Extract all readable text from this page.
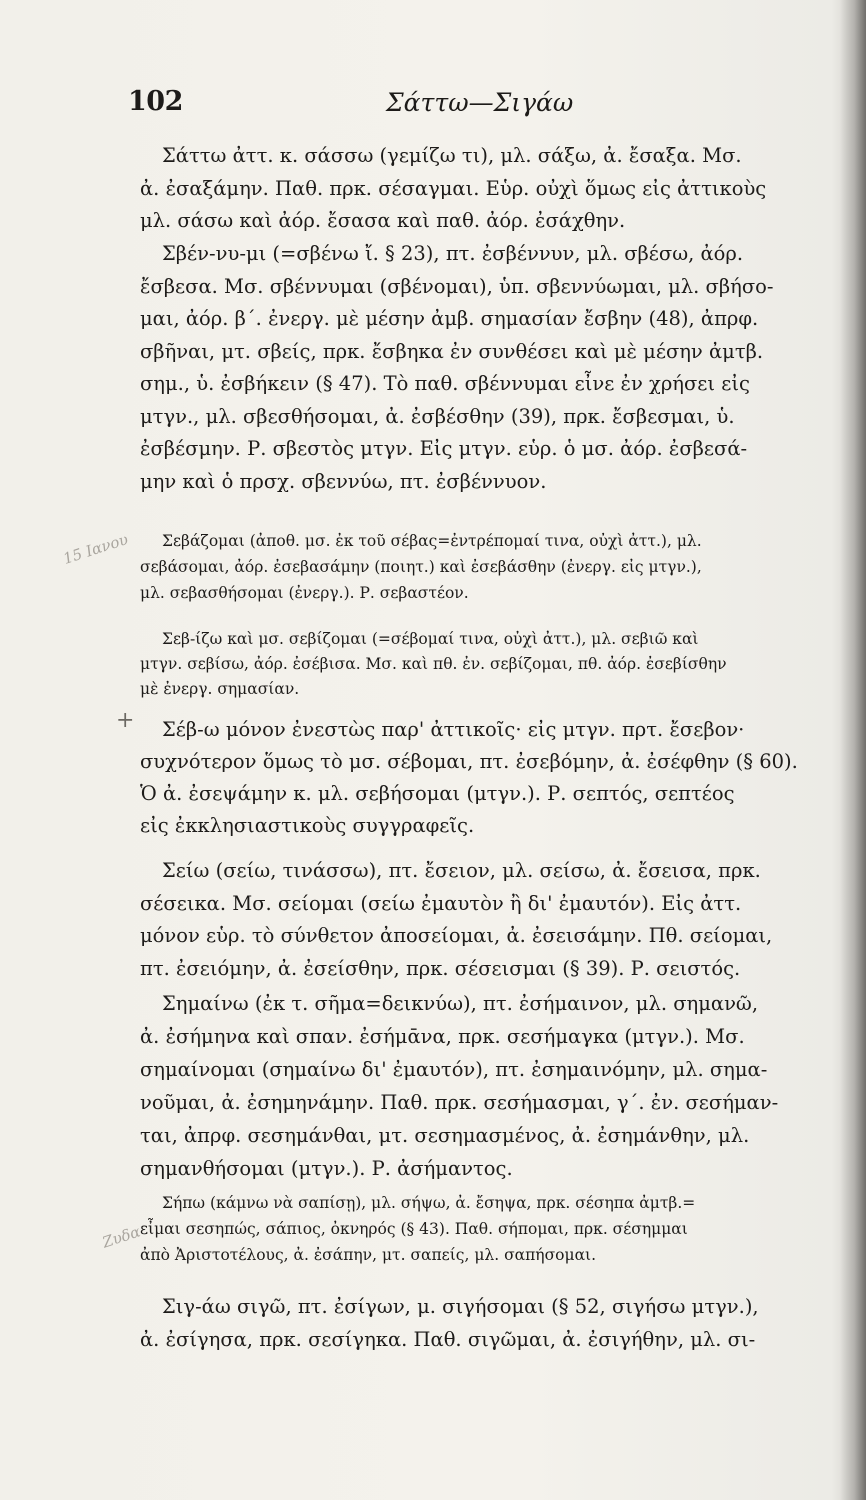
102	Σάττω—Σιγάω
15 Ιανου
+
Ζυδα
Σάττω ἀττ. κ. σάσσω (γεμίζω τι), μλ. σάξω, ἀ. ἔσαξα. Μσ.
ἀ. ἐσαξάμην. Παθ. πρκ. σέσαγμαι. Εὑρ. οὐχὶ ὅμως εἰς ἀττικοὺς
μλ. σάσω καὶ ἀόρ. ἔσασα καὶ παθ. ἀόρ. ἐσάχθην.
Σβέν-νυ-μι (=σβένω ἴ. § 23), πτ. ἐσβέννυν, μλ. σβέσω, ἀόρ.
ἔσβεσα. Μσ. σβέννυμαι (σβένομαι), ὑπ. σβεννύωμαι, μλ. σβήσο-
μαι, ἀόρ. β΄. ἐνεργ. μὲ μέσην ἀμβ. σημασίαν ἔσβην (48), ἀπρφ.
σβῆναι, μτ. σβείς, πρκ. ἔσβηκα ἐν συνθέσει καὶ μὲ μέσην ἀμτβ.
σημ., ὑ. ἐσβήκειν (§ 47). Τὸ παθ. σβέννυμαι εἶνε ἐν χρήσει εἰς
μτγν., μλ. σβεσθήσομαι, ἀ. ἐσβέσθην (39), πρκ. ἔσβεσμαι, ὑ.
ἐσβέσμην. Ρ. σβεστὸς μτγν. Εἰς μτγν. εὑρ. ὁ μσ. ἀόρ. ἐσβεσά-
μην καὶ ὁ πρσχ. σβεννύω, πτ. ἐσβέννυον.
Σεβάζομαι (ἀποθ. μσ. ἐκ τοῦ σέβας=ἐντρέπομαί τινα, οὐχὶ ἀττ.), μλ.
σεβάσομαι, ἀόρ. ἐσεβασάμην (ποιητ.) καὶ ἐσεβάσθην (ἐνεργ. εἰς μτγν.),
μλ. σεβασθήσομαι (ἐνεργ.). Ρ. σεβαστέον.
Σεβ-ίζω καὶ μσ. σεβίζομαι (=σέβομαί τινα, οὐχὶ ἀττ.), μλ. σεβιῶ καὶ
μτγν. σεβίσω, ἀόρ. ἐσέβισα. Μσ. καὶ πθ. ἐν. σεβίζομαι, πθ. ἀόρ. ἐσεβίσθην
μὲ ἐνεργ. σημασίαν.
Σέβ-ω μόνον ἐνεστὼς παρ' ἀττικοῖς· εἰς μτγν. πρτ. ἔσεβον·
συχνότερον ὅμως τὸ μσ. σέβομαι, πτ. ἐσεβόμην, ἀ. ἐσέφθην (§ 60).
Ὁ ἀ. ἐσεψάμην κ. μλ. σεβήσομαι (μτγν.). Ρ. σεπτός, σεπτέος
εἰς ἐκκλησιαστικοὺς συγγραφεῖς.
Σείω (σείω, τινάσσω), πτ. ἔσειον, μλ. σείσω, ἀ. ἔσεισα, πρκ.
σέσεικα. Μσ. σείομαι (σείω ἐμαυτὸν ἢ δι' ἐμαυτόν). Εἰς ἀττ.
μόνον εὑρ. τὸ σύνθετον ἀποσείομαι, ἀ. ἐσεισάμην. Πθ. σείομαι,
πτ. ἐσειόμην, ἀ. ἐσείσθην, πρκ. σέσεισμαι (§ 39). Ρ. σειστός.
Σημαίνω (ἐκ τ. σῆμα=δεικνύω), πτ. ἐσήμαινον, μλ. σημανῶ,
ἀ. ἐσήμηνα καὶ σπαν. ἐσήμᾱνα, πρκ. σεσήμαγκα (μτγν.). Μσ.
σημαίνομαι (σημαίνω δι' ἐμαυτόν), πτ. ἐσημαινόμην, μλ. σημα-
νοῦμαι, ἀ. ἐσημηνάμην. Παθ. πρκ. σεσήμασμαι, γ΄. ἐν. σεσήμαν-
ται, ἀπρφ. σεσημάνθαι, μτ. σεσημασμένος, ἀ. ἐσημάνθην, μλ.
σημανθήσομαι (μτγν.). Ρ. ἀσήμαντος.
Σήπω (κάμνω νὰ σαπίσῃ), μλ. σήψω, ἀ. ἔσηψα, πρκ. σέσηπα ἀμτβ.=
εἶμαι σεσηπώς, σάπιος, ὀκνηρός (§ 43). Παθ. σήπομαι, πρκ. σέσημμαι
ἀπὸ Ἀριστοτέλους, ἀ. ἐσάπην, μτ. σαπείς, μλ. σαπήσομαι.
Σιγ-άω σιγῶ, πτ. ἐσίγων, μ. σιγήσομαι (§ 52, σιγήσω μτγν.),
ἀ. ἐσίγησα, πρκ. σεσίγηκα. Παθ. σιγῶμαι, ἀ. ἐσιγήθην, μλ. σι-
